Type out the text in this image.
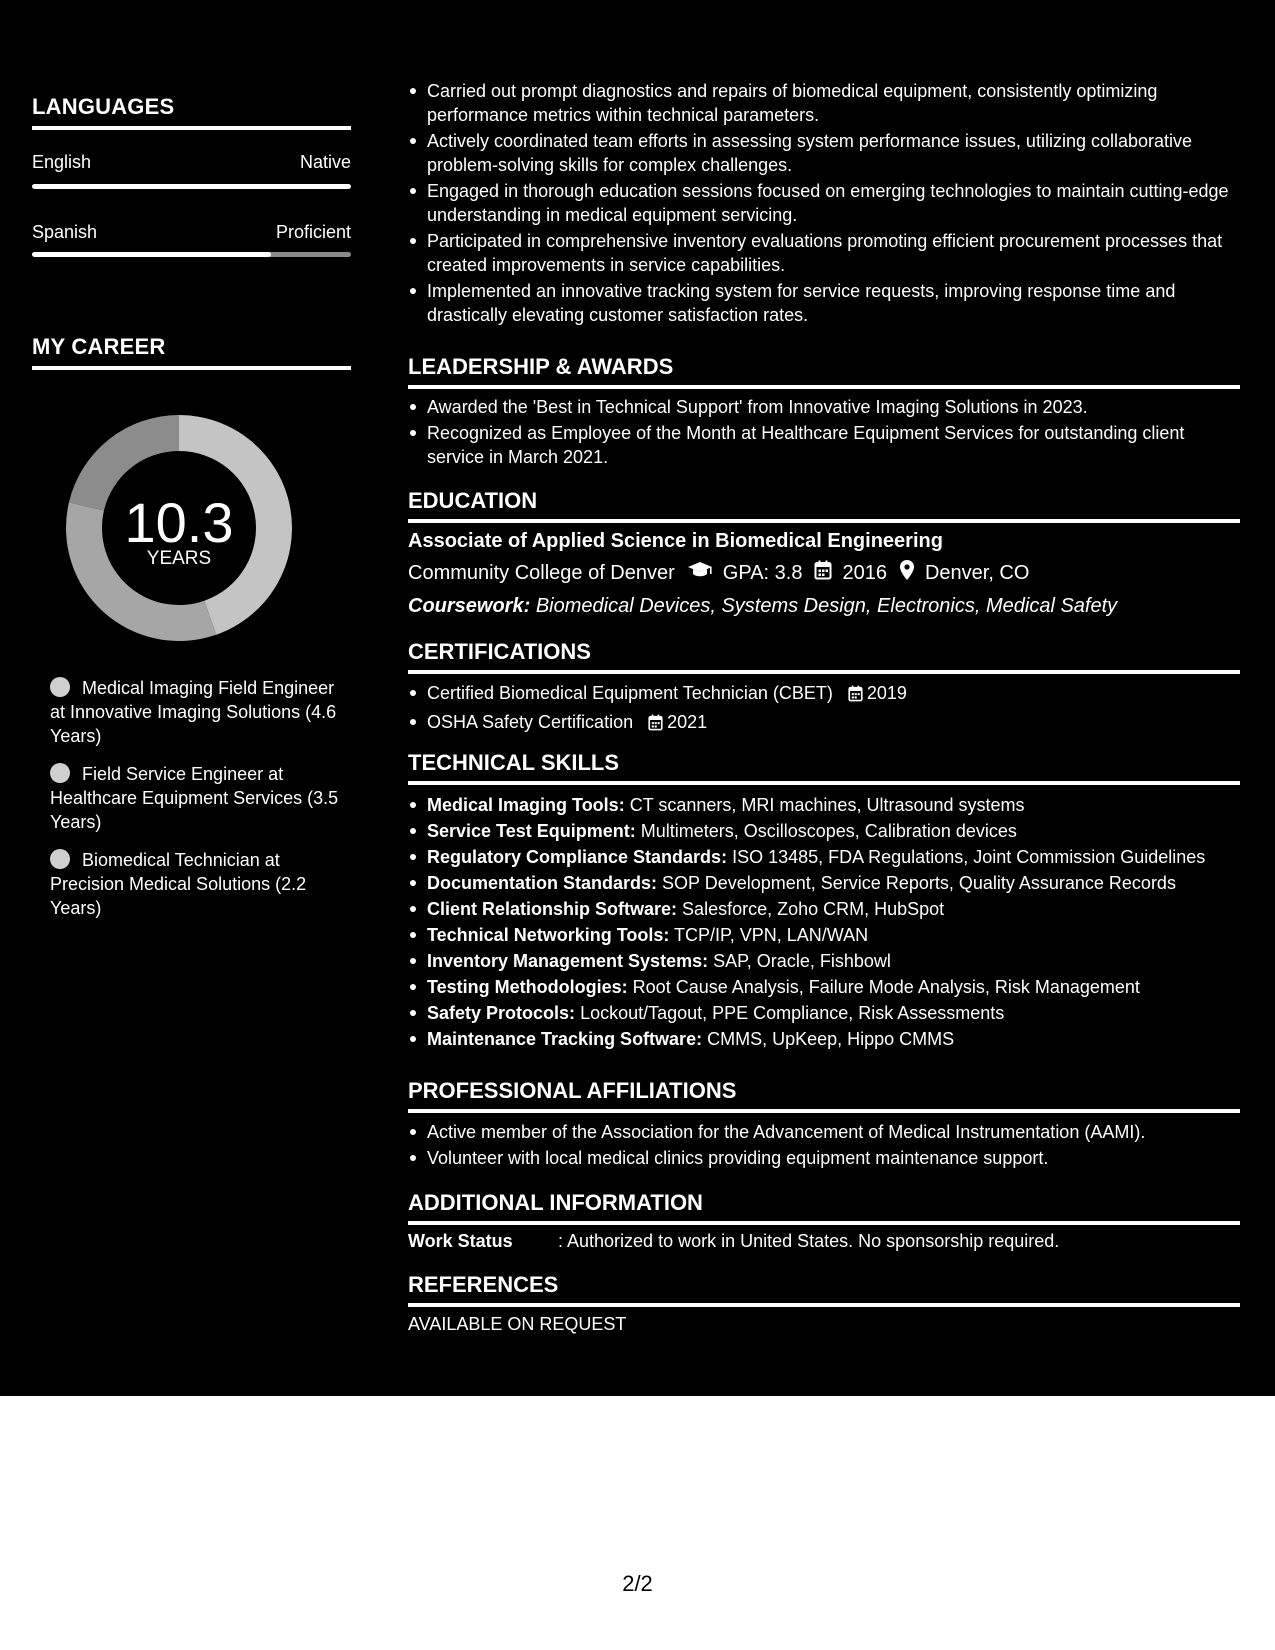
LANGUAGES
English	Native
Spanish	Proficient
MY CAREER
10.3
YEARS
Medical Imaging Field Engineer at Innovative Imaging Solutions (4.6 Years)
Field Service Engineer at Healthcare Equipment Services (3.5 Years)
Biomedical Technician at Precision Medical Solutions (2.2 Years)
Carried out prompt diagnostics and repairs of biomedical equipment, consistently optimizing performance metrics within technical parameters.
Actively coordinated team efforts in assessing system performance issues, utilizing collaborative problem-solving skills for complex challenges.
Engaged in thorough education sessions focused on emerging technologies to maintain cutting-edge understanding in medical equipment servicing.
Participated in comprehensive inventory evaluations promoting efficient procurement processes that created improvements in service capabilities.
Implemented an innovative tracking system for service requests, improving response time and drastically elevating customer satisfaction rates.
LEADERSHIP & AWARDS
Awarded the 'Best in Technical Support' from Innovative Imaging Solutions in 2023.
Recognized as Employee of the Month at Healthcare Equipment Services for outstanding client service in March 2021.
EDUCATION
Associate of Applied Science in Biomedical Engineering
Community College of Denver GPA: 3.8 2016 Denver, CO
Coursework: Biomedical Devices, Systems Design, Electronics, Medical Safety
CERTIFICATIONS
Certified Biomedical Equipment Technician (CBET) 2019
OSHA Safety Certification 2021
TECHNICAL SKILLS
Medical Imaging Tools: CT scanners, MRI machines, Ultrasound systems
Service Test Equipment: Multimeters, Oscilloscopes, Calibration devices
Regulatory Compliance Standards: ISO 13485, FDA Regulations, Joint Commission Guidelines
Documentation Standards: SOP Development, Service Reports, Quality Assurance Records
Client Relationship Software: Salesforce, Zoho CRM, HubSpot
Technical Networking Tools: TCP/IP, VPN, LAN/WAN
Inventory Management Systems: SAP, Oracle, Fishbowl
Testing Methodologies: Root Cause Analysis, Failure Mode Analysis, Risk Management
Safety Protocols: Lockout/Tagout, PPE Compliance, Risk Assessments
Maintenance Tracking Software: CMMS, UpKeep, Hippo CMMS
PROFESSIONAL AFFILIATIONS
Active member of the Association for the Advancement of Medical Instrumentation (AAMI).
Volunteer with local medical clinics providing equipment maintenance support.
ADDITIONAL INFORMATION
Work Status	: Authorized to work in United States. No sponsorship required.
REFERENCES
AVAILABLE ON REQUEST
2/2
